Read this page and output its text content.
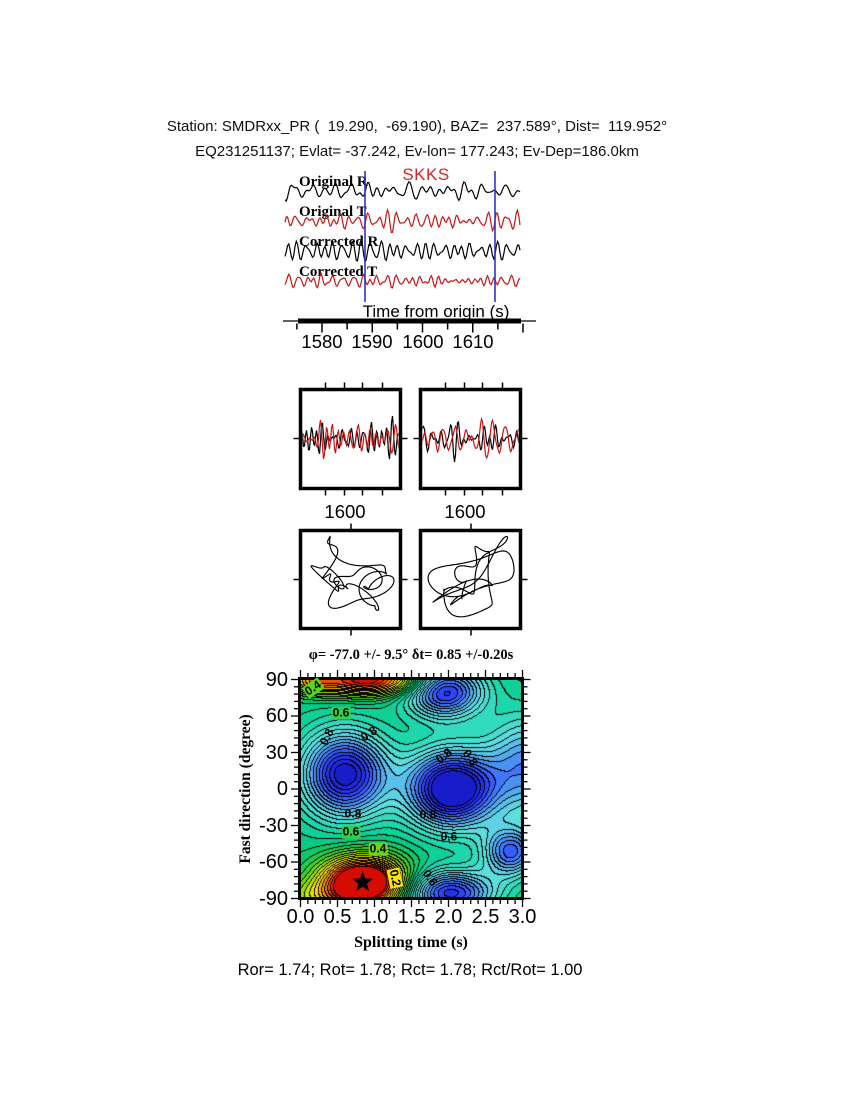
Station: SMDRxx_PR (  19.290,  -69.190), BAZ=  237.589°, Dist=  119.952°
EQ231251137; Evlat= -37.242, Ev-lon= 177.243; Ev-Dep=186.0km
SKKS
Original R
Original T
Corrected R
Corrected T
Time from origin (s)
1580 1590 1600 1610
1600	1600
φ= -77.0 +/- 9.5° δt= 0.85 +/-0.20s
Fast direction (degree)
Splitting time (s)
Ror= 1.74; Rot= 1.78; Rct= 1.78; Rct/Rot= 1.00
90
60
30
0
-30
-60
-90
0.0 0.5 1.0 1.5 2.0 2.5 3.0
0.4
0.6
0.8 0.8
0.8 0.8
0.8	0.8
0.6	0.6
0.4
0.2 0.6
